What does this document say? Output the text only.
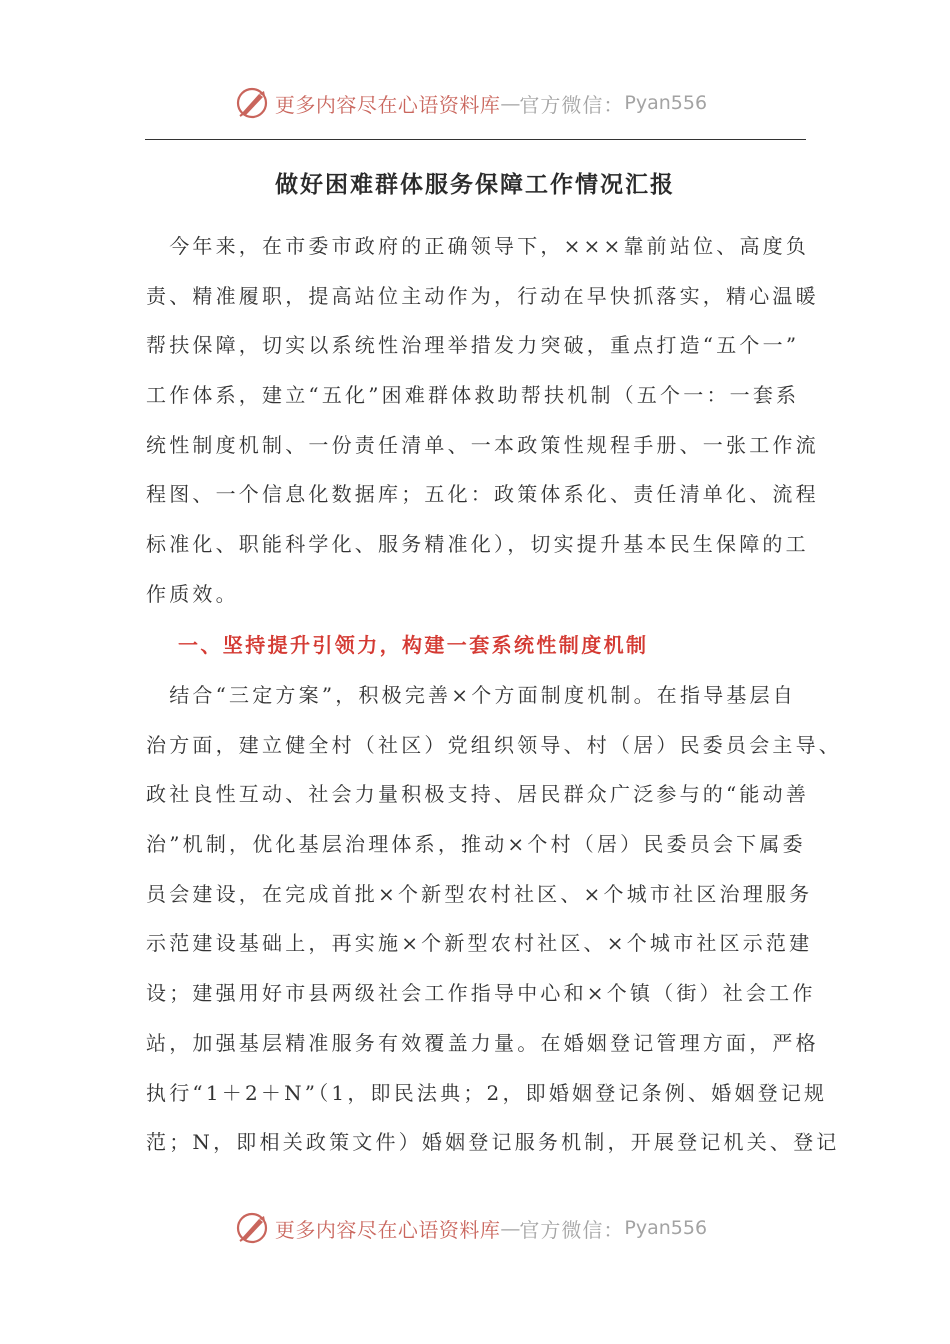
更多内容尽在心语资料库 — 官方微信： Pyan556
做好困难群体服务保障工作情况汇报
　今年来，在市委市政府的正确领导下，×××靠前站位、高度负
责、精准履职，提高站位主动作为，行动在早快抓落实，精心温暖
帮扶保障，切实以系统性治理举措发力突破，重点打造“五个一”
工作体系，建立“五化”困难群体救助帮扶机制（五个一：一套系
统性制度机制、一份责任清单、一本政策性规程手册、一张工作流
程图、一个信息化数据库；五化：政策体系化、责任清单化、流程
标准化、职能科学化、服务精准化），切实提升基本民生保障的工
作质效。
一、坚持提升引领力，构建一套系统性制度机制
　结合“三定方案”，积极完善×个方面制度机制。在指导基层自
治方面，建立健全村（社区）党组织领导、村（居）民委员会主导、
政社良性互动、社会力量积极支持、居民群众广泛参与的“能动善
治”机制，优化基层治理体系，推动×个村（居）民委员会下属委
员会建设，在完成首批×个新型农村社区、×个城市社区治理服务
示范建设基础上，再实施×个新型农村社区、×个城市社区示范建
设；建强用好市县两级社会工作指导中心和×个镇（街）社会工作
站，加强基层精准服务有效覆盖力量。在婚姻登记管理方面，严格
执行“1＋2＋N”（1，即民法典；2，即婚姻登记条例、婚姻登记规
范；N，即相关政策文件）婚姻登记服务机制，开展登记机关、登记
更多内容尽在心语资料库 — 官方微信： Pyan556
